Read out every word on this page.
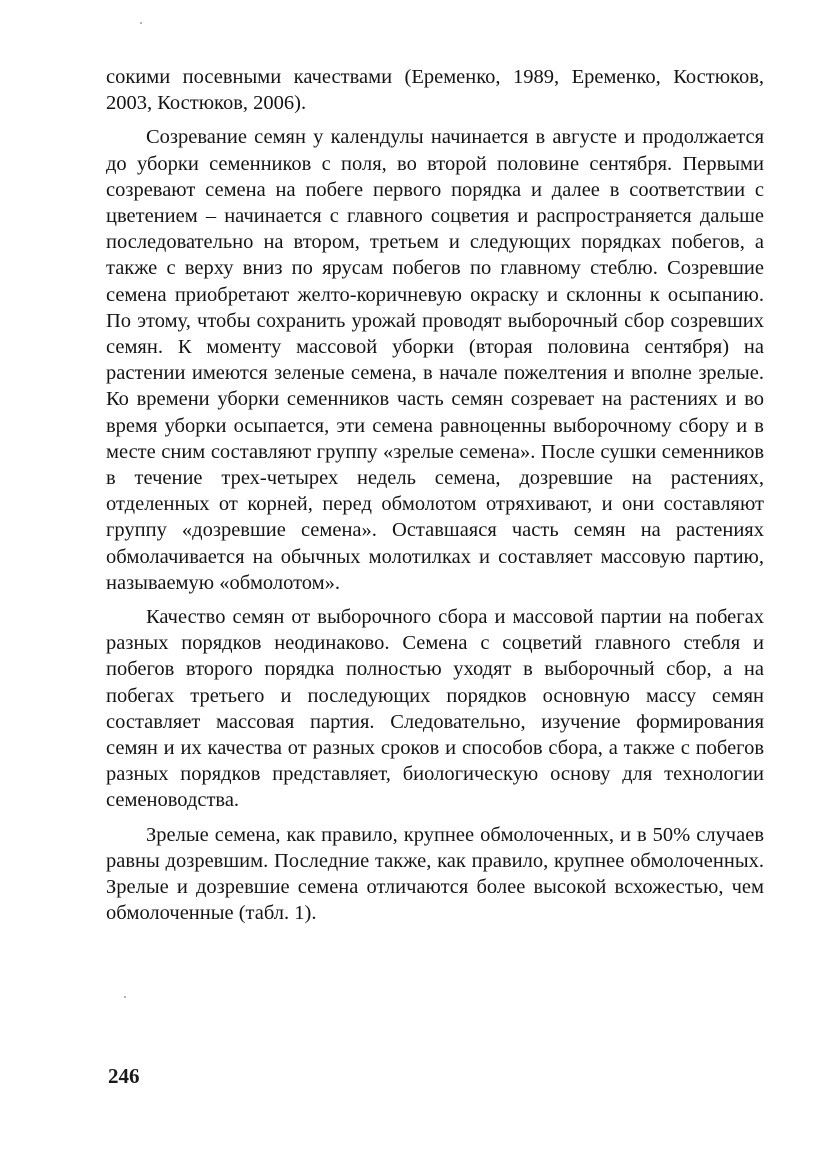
сокими посевными качествами (Еременко, 1989, Еременко, Костюков, 2003, Костюков, 2006).

Созревание семян у календулы начинается в августе и продолжается до уборки семенников с поля, во второй половине сентября. Первыми созревают семена на побеге первого порядка и далее в соответствии с цветением – начинается с главного соцветия и распространяется дальше последовательно на втором, третьем и следующих порядках побегов, а также с верху вниз по ярусам побегов по главному стеблю. Созревшие семена приобретают желто-коричневую окраску и склонны к осыпанию. По этому, чтобы сохранить урожай проводят выборочный сбор созревших семян. К моменту массовой уборки (вторая половина сентября) на растении имеются зеленые семена, в начале пожелтения и вполне зрелые. Ко времени уборки семенников часть семян созревает на растениях и во время уборки осыпается, эти семена равноценны выборочному сбору и в месте сним составляют группу «зрелые семена». После сушки семенников в течение трех-четырех недель семена, дозревшие на растениях, отделенных от корней, перед обмолотом отряхивают, и они составляют группу «дозревшие семена». Оставшаяся часть семян на растениях обмолачивается на обычных молотилках и составляет массовую партию, называемую «обмолотом».

Качество семян от выборочного сбора и массовой партии на побегах разных порядков неодинаково. Семена с соцветий главного стебля и побегов второго порядка полностью уходят в выборочный сбор, а на побегах третьего и последующих порядков основную массу семян составляет массовая партия. Следовательно, изучение формирования семян и их качества от разных сроков и способов сбора, а также с побегов разных порядков представляет, биологическую основу для технологии семеноводства.

Зрелые семена, как правило, крупнее обмолоченных, и в 50% случаев равны дозревшим. Последние также, как правило, крупнее обмолоченных. Зрелые и дозревшие семена отличаются более высокой всхожестью, чем обмолоченные (табл. 1).

246
